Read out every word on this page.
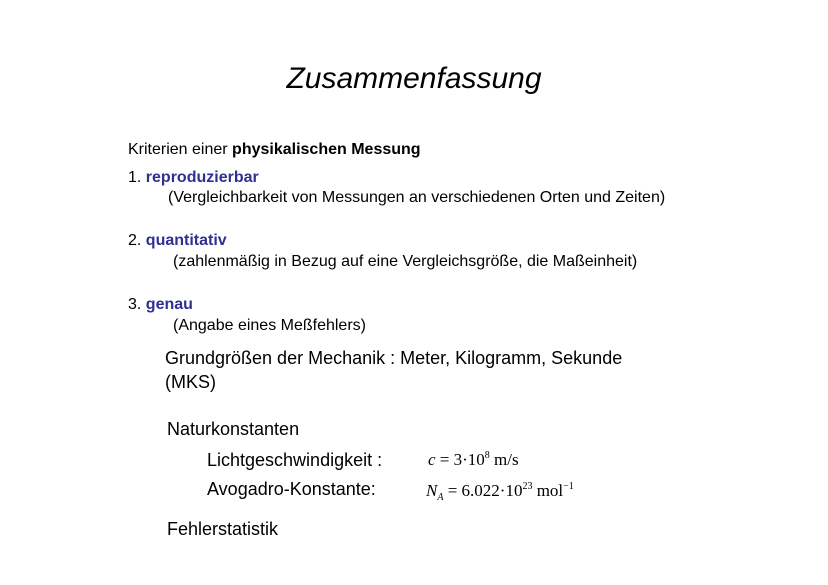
Zusammenfassung
Kriterien einer physikalischen Messung
1. reproduzierbar
(Vergleichbarkeit von Messungen an verschiedenen Orten und Zeiten)
2. quantitativ
(zahlenmäßig in Bezug auf eine Vergleichsgröße, die Maßeinheit)
3. genau
(Angabe eines Meßfehlers)
Grundgrößen der Mechanik : Meter, Kilogramm, Sekunde
(MKS)
Naturkonstanten
Lichtgeschwindigkeit :	$c = 3\cdot 10^8$ m/s
Avogadro-Konstante:	$N_A = 6.022\cdot 10^{23}$ mol$^{-1}$
Fehlerstatistik
